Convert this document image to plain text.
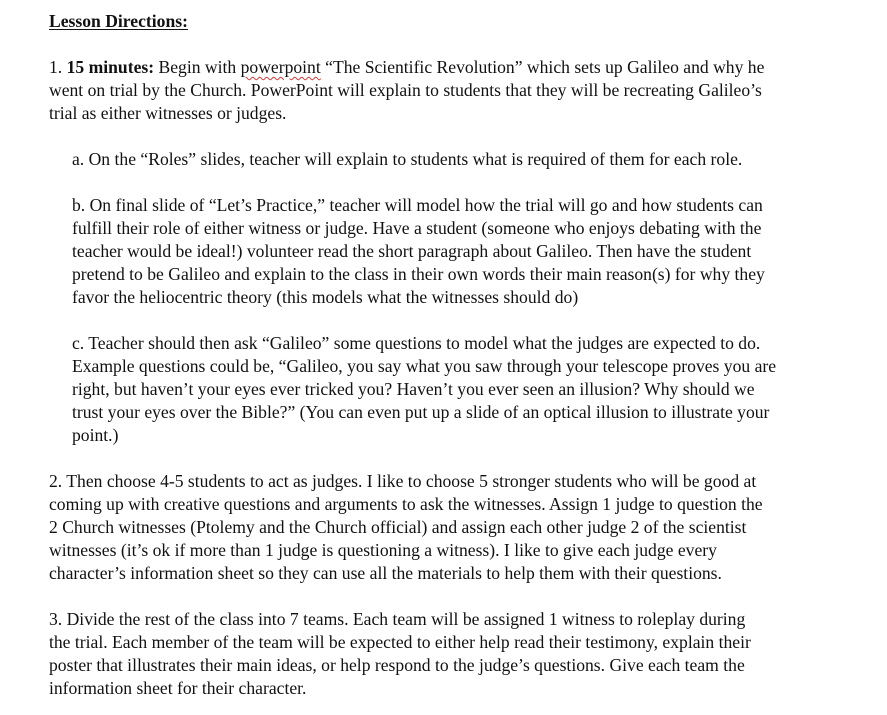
Lesson Directions:
1. 15 minutes: Begin with powerpoint “The Scientific Revolution” which sets up Galileo and why he
went on trial by the Church. PowerPoint will explain to students that they will be recreating Galileo’s
trial as either witnesses or judges.
a. On the “Roles” slides, teacher will explain to students what is required of them for each role.
b. On final slide of “Let’s Practice,” teacher will model how the trial will go and how students can
fulfill their role of either witness or judge. Have a student (someone who enjoys debating with the
teacher would be ideal!) volunteer read the short paragraph about Galileo. Then have the student
pretend to be Galileo and explain to the class in their own words their main reason(s) for why they
favor the heliocentric theory (this models what the witnesses should do)
c. Teacher should then ask “Galileo” some questions to model what the judges are expected to do.
Example questions could be, “Galileo, you say what you saw through your telescope proves you are
right, but haven’t your eyes ever tricked you? Haven’t you ever seen an illusion? Why should we
trust your eyes over the Bible?” (You can even put up a slide of an optical illusion to illustrate your
point.)
2. Then choose 4-5 students to act as judges. I like to choose 5 stronger students who will be good at
coming up with creative questions and arguments to ask the witnesses. Assign 1 judge to question the
2 Church witnesses (Ptolemy and the Church official) and assign each other judge 2 of the scientist
witnesses (it’s ok if more than 1 judge is questioning a witness). I like to give each judge every
character’s information sheet so they can use all the materials to help them with their questions.
3. Divide the rest of the class into 7 teams. Each team will be assigned 1 witness to roleplay during
the trial. Each member of the team will be expected to either help read their testimony, explain their
poster that illustrates their main ideas, or help respond to the judge’s questions. Give each team the
information sheet for their character.
